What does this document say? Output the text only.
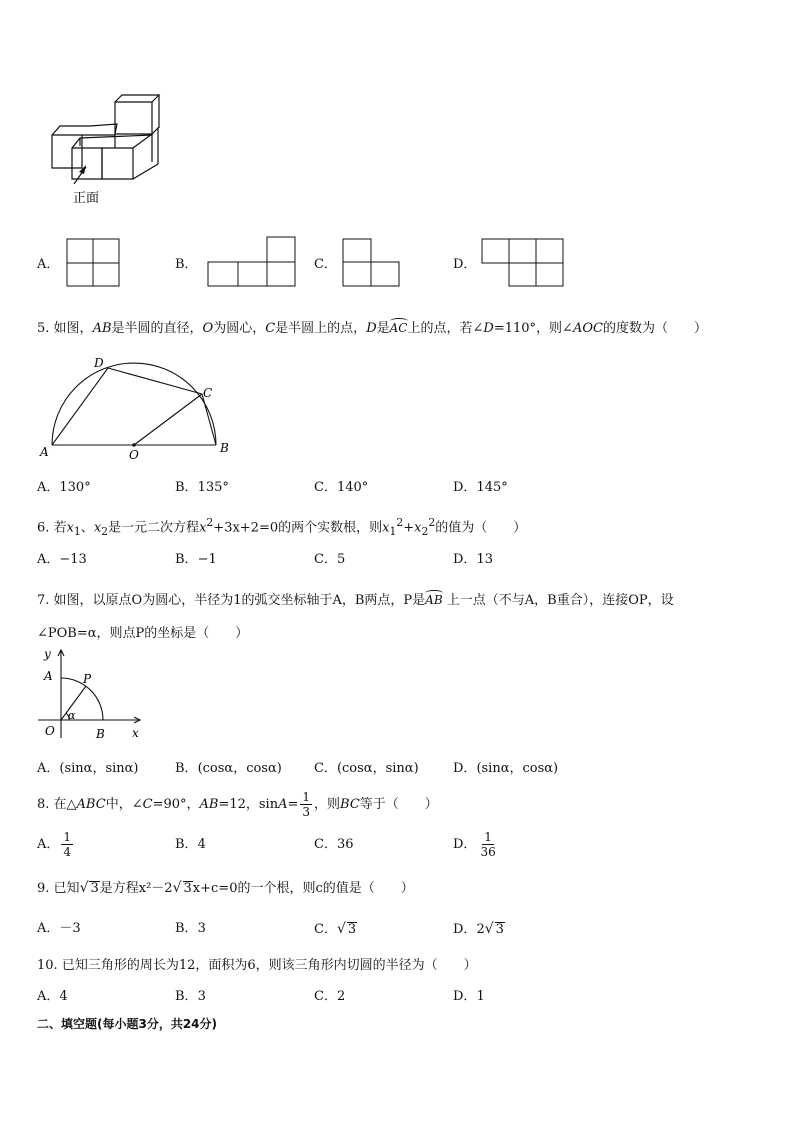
正面
A．	B．	C．	D．
5. 如图，AB是半圆的直径，O为圆心，C是半圆上的点，D是AC上的点，若∠D=110°，则∠AOC的度数为（　　）
D
C
A	O	B
A．130°	B．135°	C．140°	D．145°
6. 若$x_1$、$x_2$是一元二次方程$x^2+3x+2=0$的两个实数根，则$x_1^2+x_2^2$的值为（　　）
A．−13	B．−1	C．5	D．13
7. 如图，以原点O为圆心，半径为1的弧交坐标轴于A，B两点，P是AB 上一点（不与A，B重合），连接OP，设
∠POB=α，则点P的坐标是（　　）
y
A	P
α
O	B x
A．(sinα，sinα)	B．(cosα，cosα) C．(cosα，sinα)	D．(sinα，cosα)
8. 在△ABC中，∠C=90°，AB=12，$\sin A= \frac{1}{3}$ ，则BC等于（　　）
A． $\frac{1}{4}$	B．4	C．36	D． $\frac{1}{36}$
9. 已知√ 3是方程x²－2√ 3x+c=0的一个根，则c的值是（　　）
A．－3	B．3	C．√ 3	D．2√ 3
10. 已知三角形的周长为12，面积为6，则该三角形内切圆的半径为（　　）
A．4	B．3	C．2	D．1
二、填空题(每小题3分，共24分)
